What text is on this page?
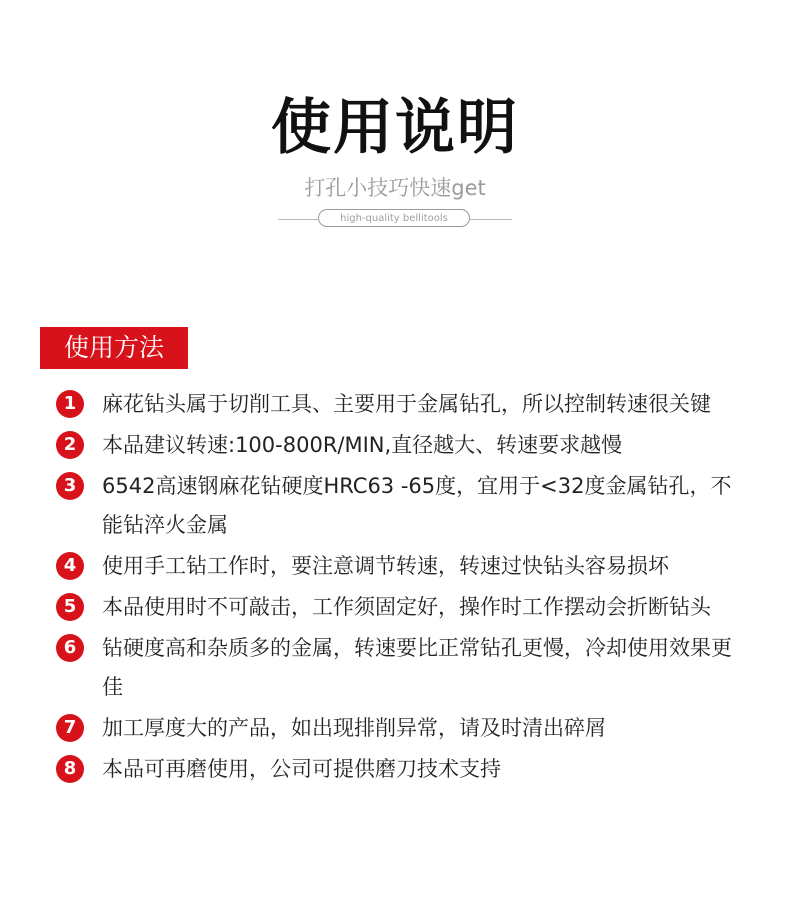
使用说明
打孔小技巧快速get
high-quality bellitools
使用方法
1	麻花钻头属于切削工具、主要用于金属钻孔，所以控制转速很关键
2	本品建议转速:100-800R/MIN,直径越大、转速要求越慢
3	6542高速钢麻花钻硬度HRC63 -65度，宜用于<32度金属钻孔，不能钻淬火金属
4	使用手工钻工作时，要注意调节转速，转速过快钻头容易损坏
5	本品使用时不可敲击，工作须固定好，操作时工作摆动会折断钻头
6	钻硬度高和杂质多的金属，转速要比正常钻孔更慢，冷却使用效果更佳
7	加工厚度大的产品，如出现排削异常，请及时清出碎屑
8	本品可再磨使用，公司可提供磨刀技术支持
